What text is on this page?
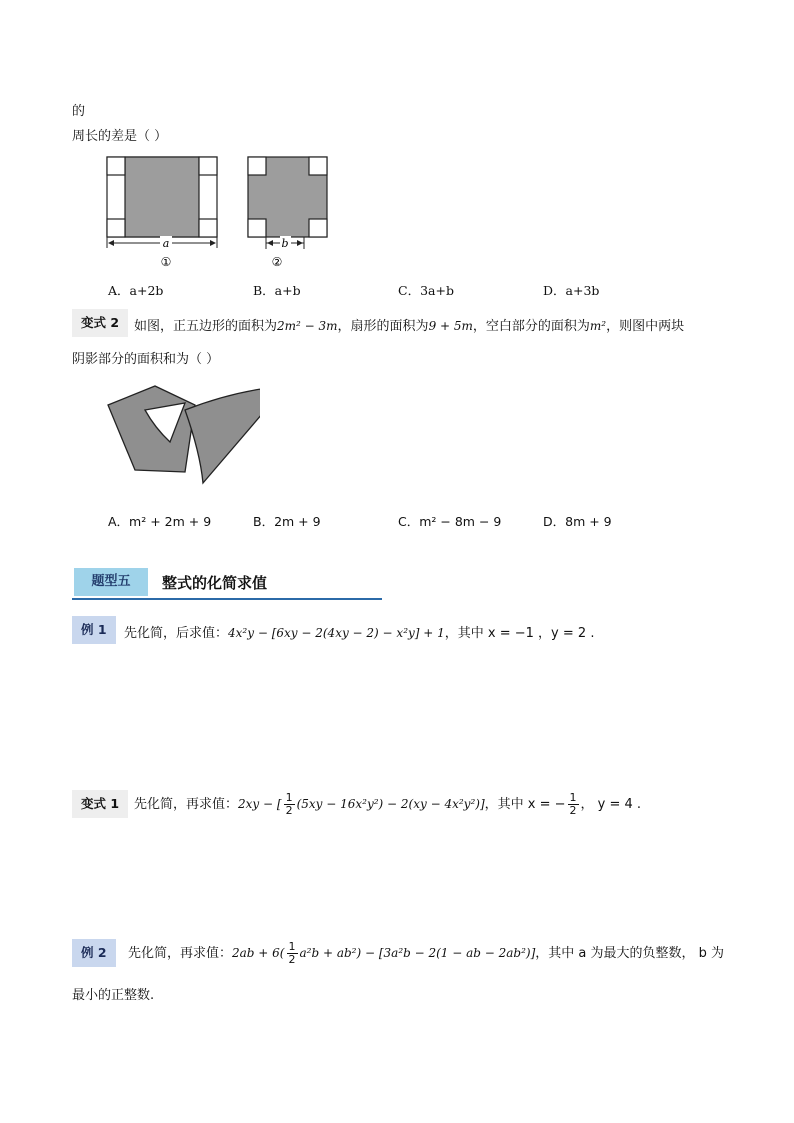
的
周长的差是（ ）
a
①
b
②
A．a+2b	B．a+b	C．3a+b	D．a+3b
变式 2	如图，正五边形的面积为2m² − 3m，扇形的面积为9 + 5m，空白部分的面积为m²，则图中两块
阴影部分的面积和为（ ）
A．m² + 2m + 9	B．2m + 9	C．m² − 8m − 9	D．8m + 9
题型五	整式的化简求值
例 1	先化简，后求值：4x²y − [6xy − 2(4xy − 2) − x²y] + 1，其中 x = −1 ，y = 2 .
变式 1	先化简，再求值：2xy − [ $\frac{1}{2} (5xy - 16x^2y^2) - 2(xy - 4x^2y^2)$]，其中 x = − $\frac{1}{2}$ ， y = 4 .
例 2	先化简，再求值：$2ab + 6( \frac{1}{2} a^2b + ab^2) - [3a^2b - 2(1$ − ab − 2ab²)]，其中 a 为最大的负整数， b 为
最小的正整数.
